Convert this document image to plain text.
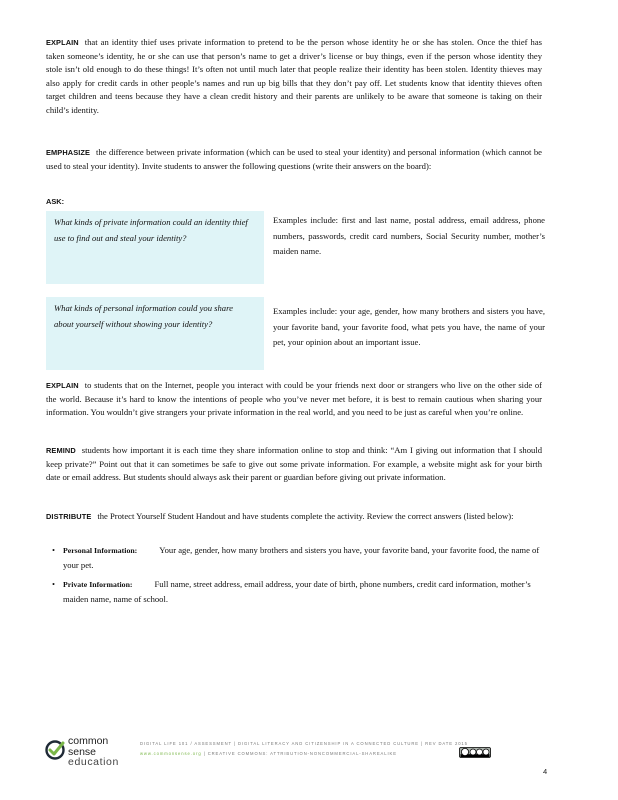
EXPLAIN that an identity thief uses private information to pretend to be the person whose identity he or she has stolen. Once the thief has taken someone’s identity, he or she can use that person’s name to get a driver’s license or buy things, even if the person whose identity they stole isn’t old enough to do these things! It’s often not until much later that people realize their identity has been stolen. Identity thieves may also apply for credit cards in other people’s names and run up big bills that they don’t pay off. Let students know that identity thieves often target children and teens because they have a clean credit history and their parents are unlikely to be aware that someone is taking on their child’s identity.

EMPHASIZE the difference between private information (which can be used to steal your identity) and personal information (which cannot be used to steal your identity). Invite students to answer the following questions (write their answers on the board):

ASK:
What kinds of private information could an identity thief use to find out and steal your identity?
Examples include: first and last name, postal address, email address, phone numbers, passwords, credit card numbers, Social Security number, mother’s maiden name.
What kinds of personal information could you share about yourself without showing your identity?
Examples include: your age, gender, how many brothers and sisters you have, your favorite band, your favorite food, what pets you have, the name of your pet, your opinion about an important issue.

EXPLAIN to students that on the Internet, people you interact with could be your friends next door or strangers who live on the other side of the world. Because it’s hard to know the intentions of people who you’ve never met before, it is best to remain cautious when sharing your information. You wouldn’t give strangers your private information in the real world, and you need to be just as careful when you’re online.

REMIND students how important it is each time they share information online to stop and think: “Am I giving out information that I should keep private?” Point out that it can sometimes be safe to give out some private information. For example, a website might ask for your birth date or email address. But students should always ask their parent or guardian before giving out private information.

DISTRIBUTE the Protect Yourself Student Handout and have students complete the activity. Review the correct answers (listed below):

• Personal Information:	Your age, gender, how many brothers and sisters you have, your favorite band, your favorite food, the name of your pet.
• Private Information:	Full name, street address, email address, your date of birth, phone numbers, credit card information, mother’s maiden name, name of school.
common
sense
education
DIGITAL LIFE 101 / ASSESSMENT | DIGITAL LITERACY AND CITIZENSHIP IN A CONNECTED CULTURE | REV DATE 2015
www.commonsense.org | CREATIVE COMMONS: ATTRIBUTION-NONCOMMERCIAL-SHAREALIKE
4
